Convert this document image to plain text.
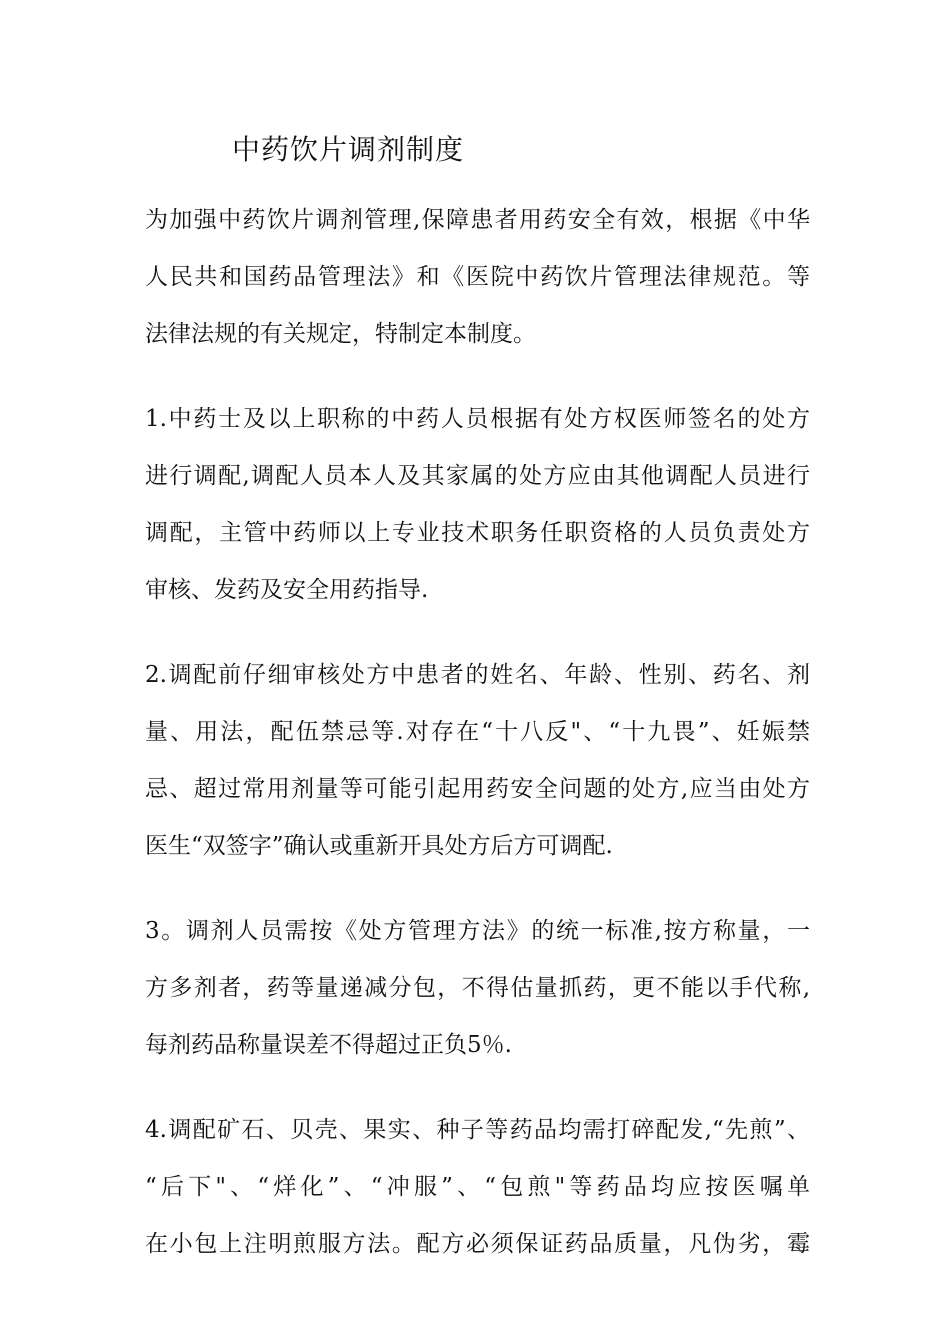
中药饮片调剂制度
为加强中药饮片调剂管理,保障患者用药安全有效，根据《中华
人民共和国药品管理法》和《医院中药饮片管理法律规范。等
法律法规的有关规定，特制定本制度。
1.中药士及以上职称的中药人员根据有处方权医师签名的处方
进行调配,调配人员本人及其家属的处方应由其他调配人员进行
调配，主管中药师以上专业技术职务任职资格的人员负责处方
审核、发药及安全用药指导.
2.调配前仔细审核处方中患者的姓名、年龄、性别、药名、剂
量、用法，配伍禁忌等.对存在“十八反"、“十九畏”、妊娠禁
忌、超过常用剂量等可能引起用药安全问题的处方,应当由处方
医生“双签字”确认或重新开具处方后方可调配.
3。调剂人员需按《处方管理方法》的统一标准,按方称量，一
方多剂者，药等量递减分包，不得估量抓药，更不能以手代称,
每剂药品称量误差不得超过正负5％.
4.调配矿石、贝壳、果实、种子等药品均需打碎配发,“先煎”、
“后下"、“烊化”、“冲服”、“包煎"等药品均应按医嘱单
在小包上注明煎服方法。配方必须保证药品质量，凡伪劣，霉
